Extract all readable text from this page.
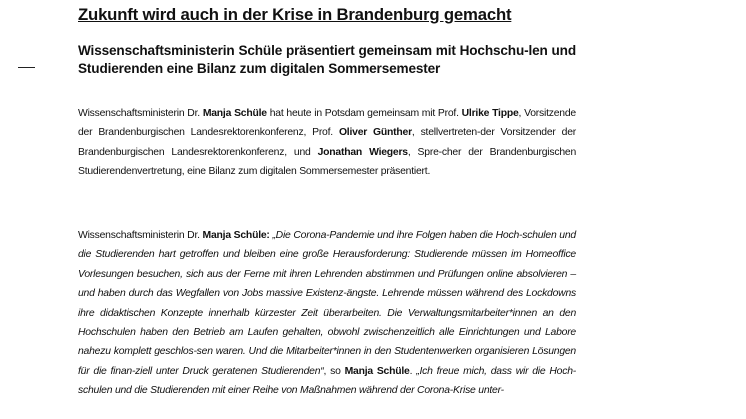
Zukunft wird auch in der Krise in Brandenburg gemacht
Wissenschaftsministerin Schüle präsentiert gemeinsam mit Hochschu-len und Studierenden eine Bilanz zum digitalen Sommersemester

Wissenschaftsministerin Dr. Manja Schüle hat heute in Potsdam gemeinsam mit Prof. Ulrike Tippe, Vorsitzende der Brandenburgischen Landesrektorenkonferenz, Prof. Oliver Günther, stellvertreten-der Vorsitzender der Brandenburgischen Landesrektorenkonferenz, und Jonathan Wiegers, Spre-cher der Brandenburgischen Studierendenvertretung, eine Bilanz zum digitalen Sommersemester präsentiert.

Wissenschaftsministerin Dr. Manja Schüle: „Die Corona-Pandemie und ihre Folgen haben die Hoch-schulen und die Studierenden hart getroffen und bleiben eine große Herausforderung: Studierende müssen im Homeoffice Vorlesungen besuchen, sich aus der Ferne mit ihren Lehrenden abstimmen und Prüfungen online absolvieren – und haben durch das Wegfallen von Jobs massive Existenz-ängste. Lehrende müssen während des Lockdowns ihre didaktischen Konzepte innerhalb kürzester Zeit überarbeiten. Die Verwaltungsmitarbeiter*innen an den Hochschulen haben den Betrieb am Laufen gehalten, obwohl zwischenzeitlich alle Einrichtungen und Labore nahezu komplett geschlos-sen waren. Und die Mitarbeiter*innen in den Studentenwerken organisieren Lösungen für die finan-ziell unter Druck geratenen Studierenden“, so Manja Schüle. „Ich freue mich, dass wir die Hoch-schulen und die Studierenden mit einer Reihe von Maßnahmen während der Corona-Krise unter-
